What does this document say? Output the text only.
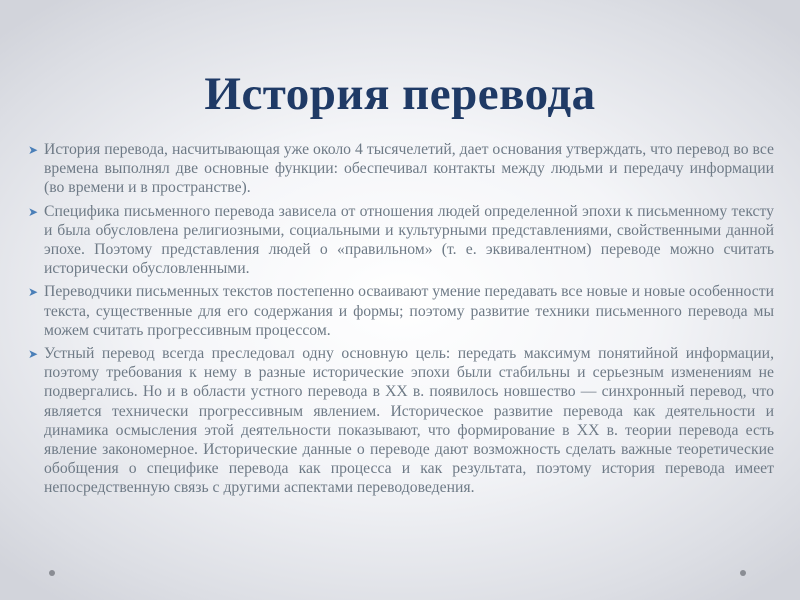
История перевода
➤ История перевода, насчитывающая уже около 4 тысячелетий, дает основания утверждать, что перевод во все времена выполнял две основные функции: обеспечивал контакты между людьми и передачу информации (во времени и в пространстве).
➤ Специфика письменного перевода зависела от отношения людей определенной эпохи к письменному тексту и была обусловлена религиозными, социальными и культурными представлениями, свойственными данной эпохе. Поэтому представления людей о «правильном» (т. е. эквивалентном) переводе можно считать исторически обусловленными.
➤ Переводчики письменных текстов постепенно осваивают умение передавать все новые и новые особенности текста, существенные для его содержания и формы; поэтому развитие техники письменного перевода мы можем считать прогрессивным процессом.
➤ Устный перевод всегда преследовал одну основную цель: передать максимум понятийной информации, поэтому требования к нему в разные исторические эпохи были стабильны и серьезным изменениям не подвергались. Но и в области устного перевода в XX в. появилось новшество — синхронный перевод, что является технически прогрессивным явлением. Историческое развитие перевода как деятельности и динамика осмысления этой деятельности показывают, что формирование в XX в. теории перевода есть явление закономерное. Исторические данные о переводе дают возможность сделать важные теоретические обобщения о специфике перевода как процесса и как результата, поэтому история перевода имеет непосредственную связь с другими аспектами переводоведения.
